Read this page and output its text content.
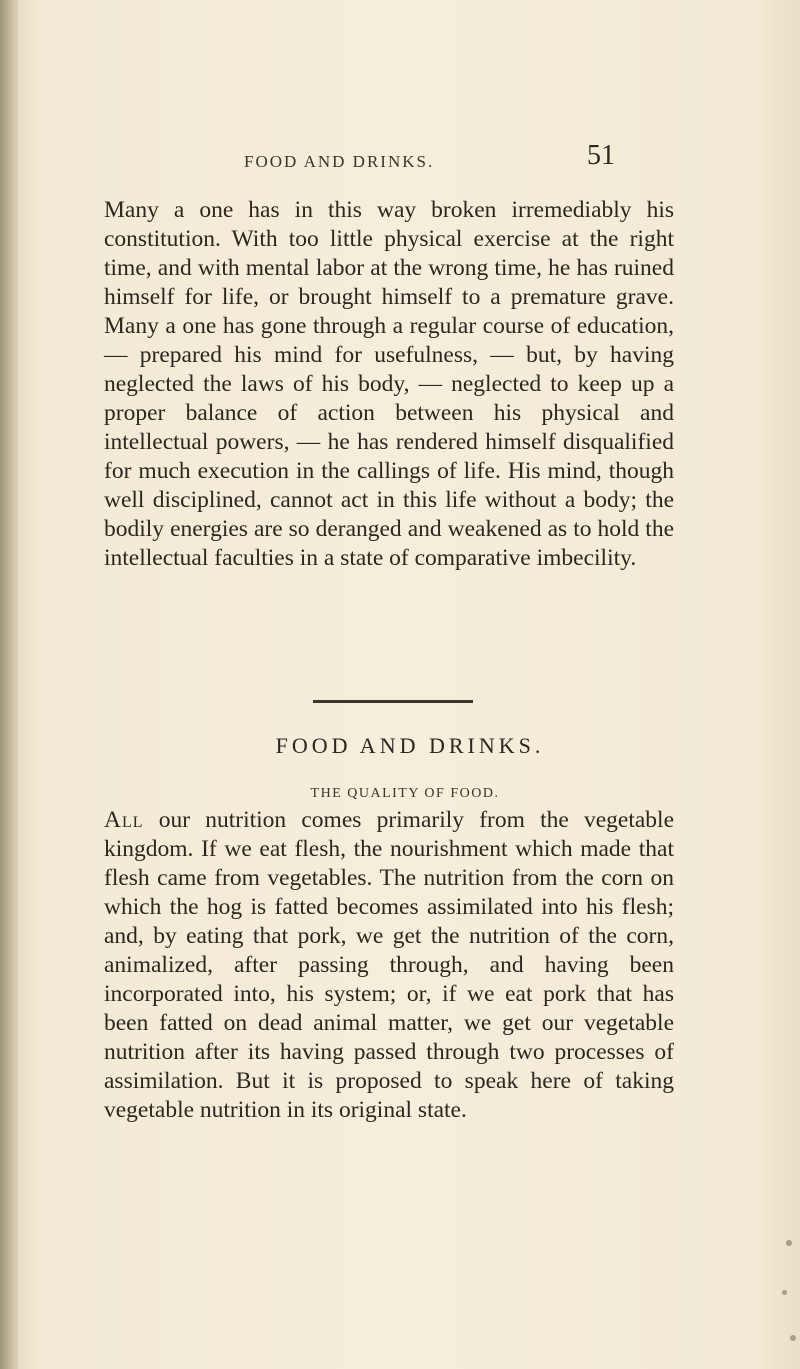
FOOD AND DRINKS.	51
Many a one has in this way broken irremediably his constitution. With too little physical exercise at the right time, and with mental labor at the wrong time, he has ruined himself for life, or brought himself to a premature grave. Many a one has gone through a regular course of education, — prepared his mind for usefulness, — but, by having neglected the laws of his body, — neglected to keep up a proper balance of action between his physical and intellectual powers, — he has rendered himself disqualified for much execution in the callings of life. His mind, though well disciplined, cannot act in this life without a body; the bodily energies are so deranged and weakened as to hold the intellectual faculties in a state of comparative imbecility.
FOOD AND DRINKS.
THE QUALITY OF FOOD.
All our nutrition comes primarily from the vegetable kingdom. If we eat flesh, the nourishment which made that flesh came from vegetables. The nutrition from the corn on which the hog is fatted becomes assimilated into his flesh; and, by eating that pork, we get the nutrition of the corn, animalized, after passing through, and having been incorporated into, his system; or, if we eat pork that has been fatted on dead animal matter, we get our vegetable nutrition after its having passed through two processes of assimilation. But it is proposed to speak here of taking vegetable nutrition in its original state.
